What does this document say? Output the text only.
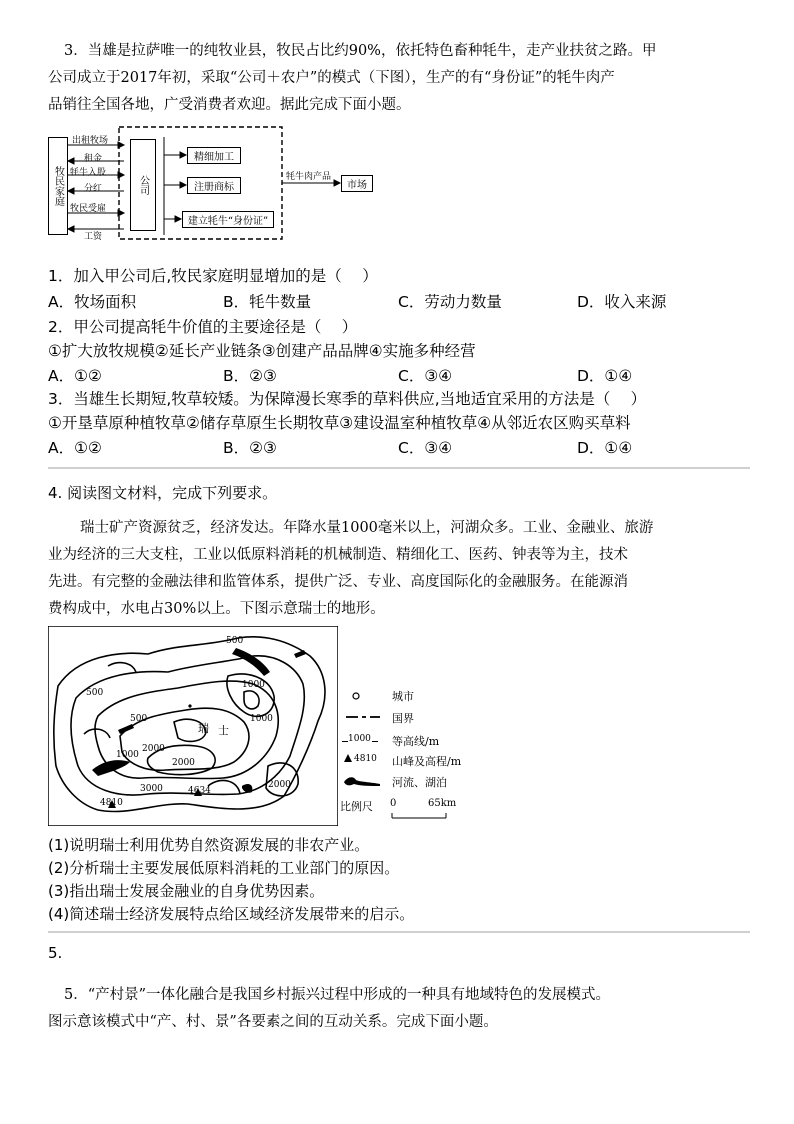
3．当雄是拉萨唯一的纯牧业县，牧民占比约90%，依托特色畜种牦牛，走产业扶贫之路。甲
公司成立于2017年初，采取“公司＋农户”的模式（下图），生产的有“身份证”的牦牛肉产
品销往全国各地，广受消费者欢迎。据此完成下面小题。
牧民家庭
出租牧场
租金
牦牛入股
分红
牧民受雇
工资
公司
精细加工
注册商标
建立牦牛“身份证”
牦牛肉产品
市场
1．加入甲公司后,牧民家庭明显增加的是（　 ）
A．牧场面积	B．牦牛数量	C．劳动力数量	D．收入来源
2．甲公司提高牦牛价值的主要途径是（　 ）
①扩大放牧规模②延长产业链条③创建产品品牌④实施多种经营
A．①②	B．②③	C．③④	D．①④
3．当雄生长期短,牧草较矮。为保障漫长寒季的草料供应,当地适宜采用的方法是（　 ）
①开垦草原种植牧草②储存草原生长期牧草③建设温室种植牧草④从邻近农区购买草料
A．①②	B．②③	C．③④	D．①④
4. 阅读图文材料，完成下列要求。
瑞士矿产资源贫乏，经济发达。年降水量1000毫米以上，河湖众多。工业、金融业、旅游
业为经济的三大支柱，工业以低原料消耗的机械制造、精细化工、医药、钟表等为主，技术
先进。有完整的金融法律和监管体系，提供广泛、专业、高度国际化的金融服务。在能源消
费构成中，水电占30%以上。下图示意瑞士的地形。
500
500
1000
500	1000
2000
1000
3000	2000
4634
2000
4810
瑞 士
城市
国界
1000 等高线/m
4810 山峰及高程/m
河流、湖泊
比例尺 0	65km
(1)说明瑞士利用优势自然资源发展的非农产业。
(2)分析瑞士主要发展低原料消耗的工业部门的原因。
(3)指出瑞士发展金融业的自身优势因素。
(4)简述瑞士经济发展特点给区域经济发展带来的启示。
5.
5．“产村景”一体化融合是我国乡村振兴过程中形成的一种具有地域特色的发展模式。
图示意该模式中“产、村、景”各要素之间的互动关系。完成下面小题。
